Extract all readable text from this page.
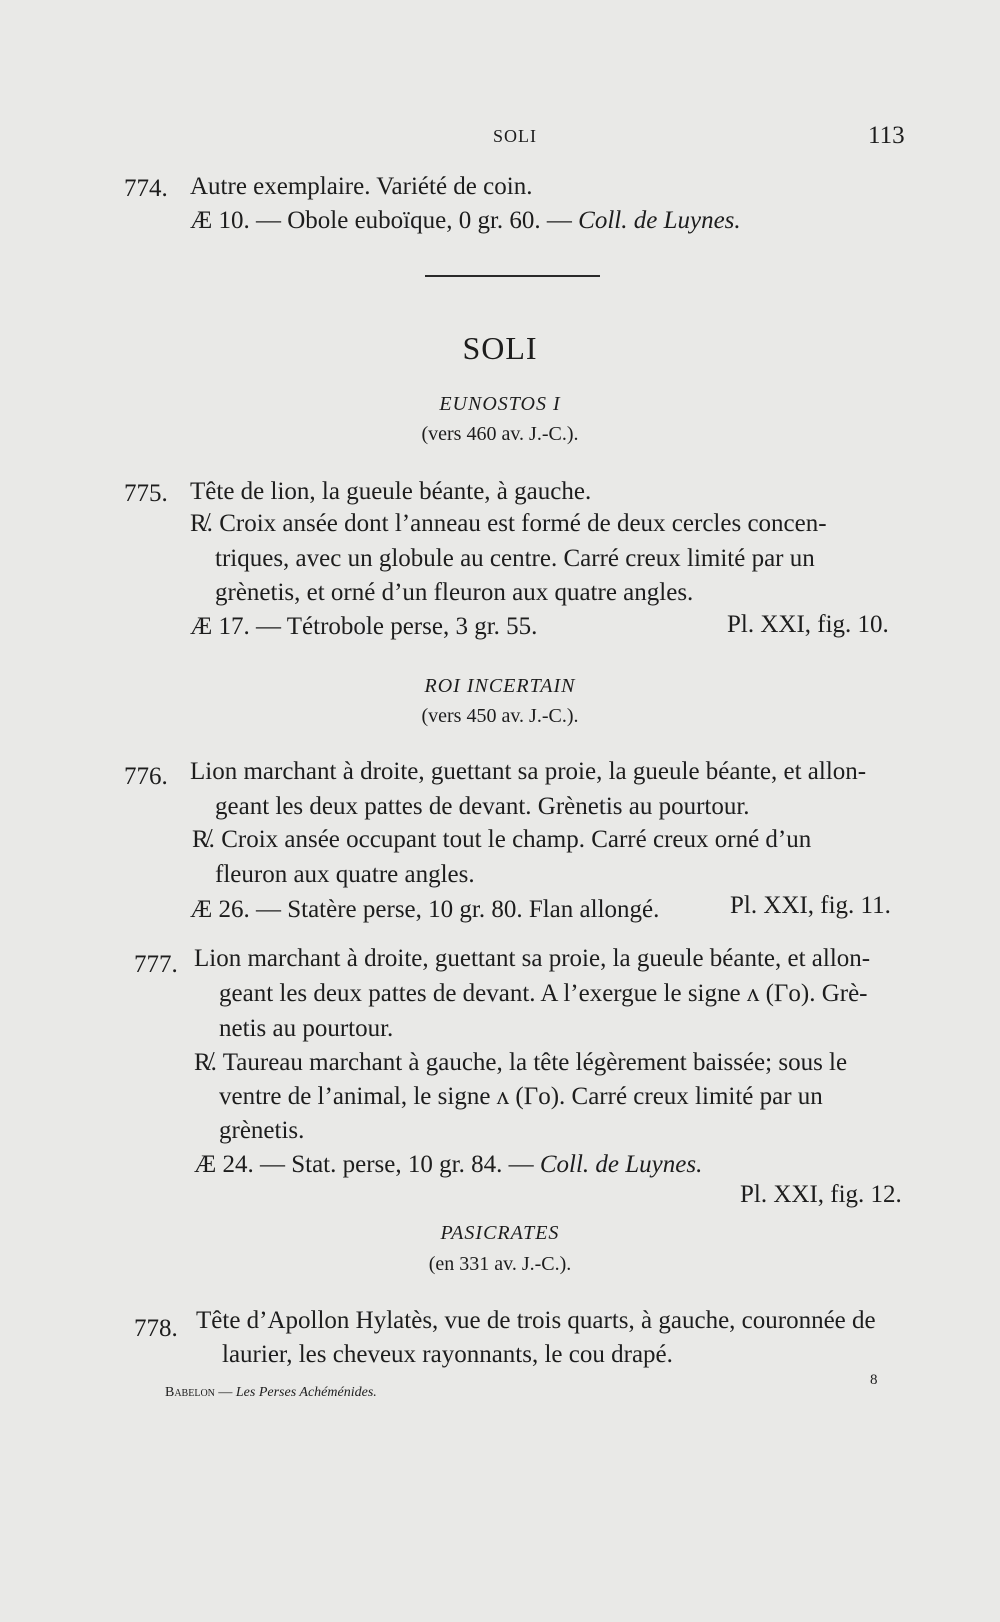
SOLI	113
774. Autre exemplaire. Variété de coin.
Æ 10. — Obole euboïque, 0 gr. 60. — Coll. de Luynes.
SOLI
EUNOSTOS I
(vers 460 av. J.-C.).
775. Tête de lion, la gueule béante, à gauche.
R̸. Croix ansée dont l’anneau est formé de deux cercles concen-
triques, avec un globule au centre. Carré creux limité par un
grènetis, et orné d’un fleuron aux quatre angles.
Æ 17. — Tétrobole perse, 3 gr. 55.	Pl. XXI, fig. 10.
ROI INCERTAIN
(vers 450 av. J.-C.).
776. Lion marchant à droite, guettant sa proie, la gueule béante, et allon-
geant les deux pattes de devant. Grènetis au pourtour.
R̸. Croix ansée occupant tout le champ. Carré creux orné d’un
fleuron aux quatre angles.
Æ 26. — Statère perse, 10 gr. 80. Flan allongé.	Pl. XXI, fig. 11.
777. Lion marchant à droite, guettant sa proie, la gueule béante, et allon-
geant les deux pattes de devant. A l’exergue le signe ʌ (Γo). Grè-
netis au pourtour.
R̸. Taureau marchant à gauche, la tête légèrement baissée; sous le
ventre de l’animal, le signe ʌ (Γo). Carré creux limité par un
grènetis.
Æ 24. — Stat. perse, 10 gr. 84. — Coll. de Luynes.
Pl. XXI, fig. 12.
PASICRATES
(en 331 av. J.-C.).
778. Tête d’Apollon Hylatès, vue de trois quarts, à gauche, couronnée de
laurier, les cheveux rayonnants, le cou drapé.
Babelon — Les Perses Achéménides.
8
